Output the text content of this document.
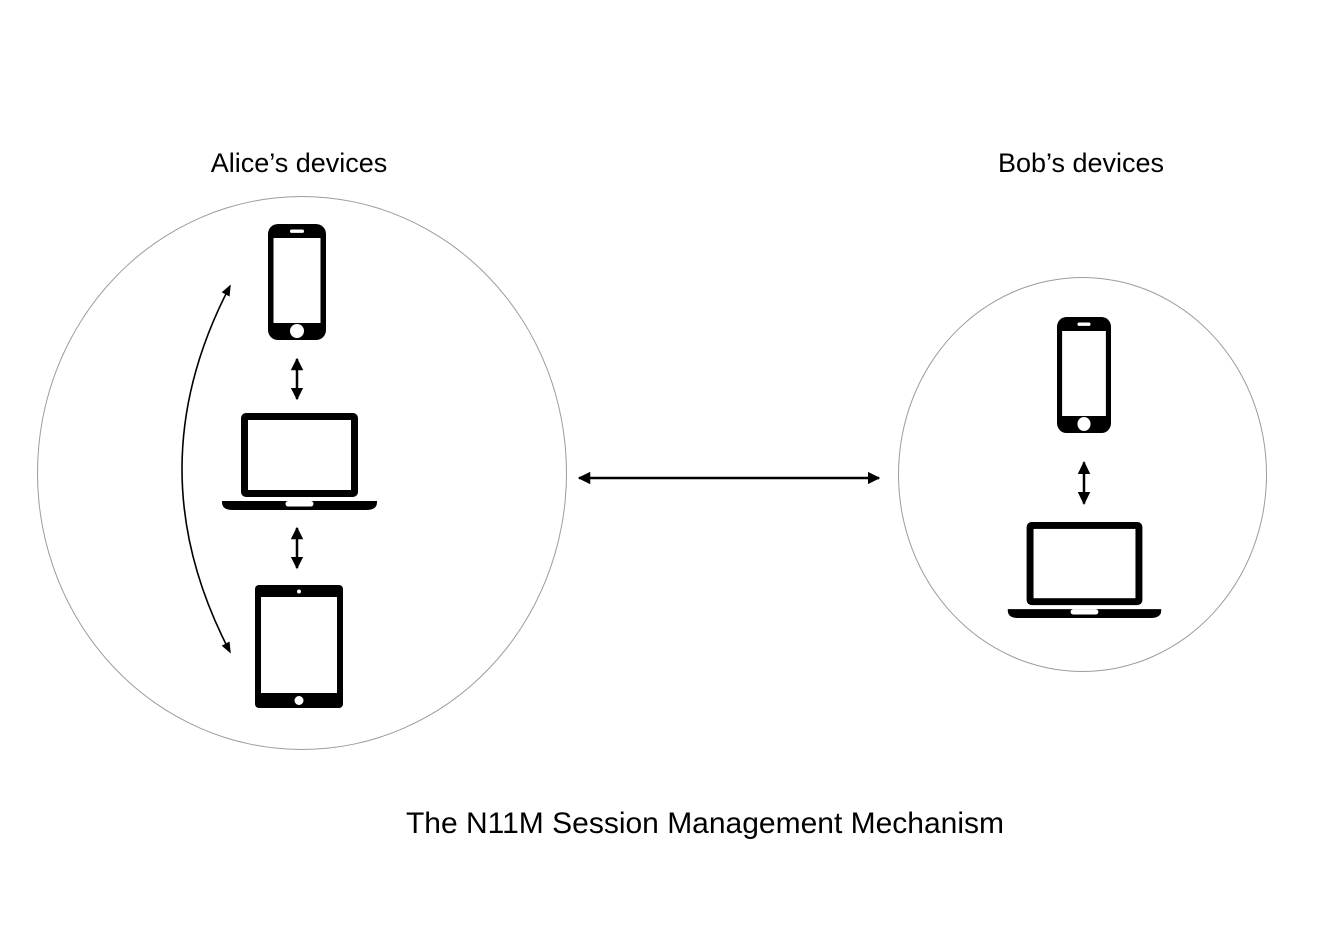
Alice’s devices	Bob’s devices
The N11M Session Management Mechanism
